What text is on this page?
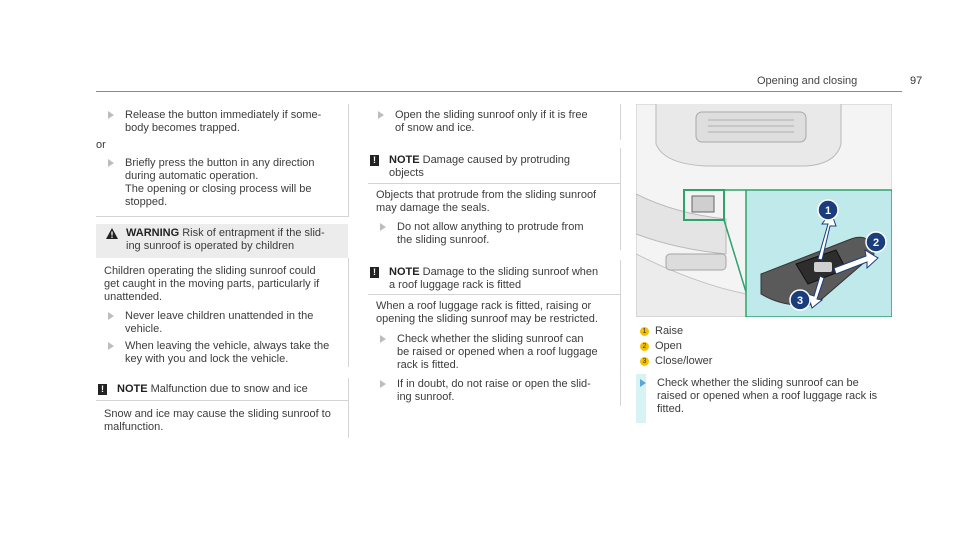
Opening and closing	97
Release the button immediately if some-
body becomes trapped.
or
Briefly press the button in any direction
during automatic operation.
The opening or closing process will be
stopped.
WARNING Risk of entrapment if the slid-
ing sunroof is operated by children
Children operating the sliding sunroof could
get caught in the moving parts, particularly if
unattended.
Never leave children unattended in the
vehicle.
When leaving the vehicle, always take the
key with you and lock the vehicle.
! NOTE Malfunction due to snow and ice
Snow and ice may cause the sliding sunroof to
malfunction.
Open the sliding sunroof only if it is free
of snow and ice.
! NOTE Damage caused by protruding
objects
Objects that protrude from the sliding sunroof
may damage the seals.
Do not allow anything to protrude from
the sliding sunroof.
! NOTE Damage to the sliding sunroof when
a roof luggage rack is fitted
When a roof luggage rack is fitted, raising or
opening the sliding sunroof may be restricted.
Check whether the sliding sunroof can
be raised or opened when a roof luggage
rack is fitted.
If in doubt, do not raise or open the slid-
ing sunroof.
1
2
3
1 Raise
2 Open
3 Close/lower
Check whether the sliding sunroof can be
raised or opened when a roof luggage rack is
fitted.
